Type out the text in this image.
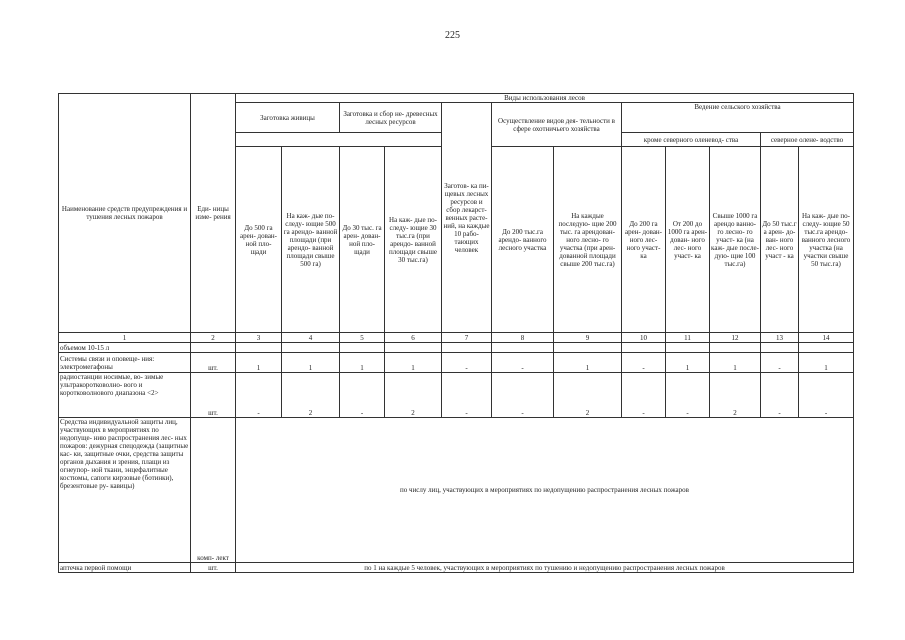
225
Наименование средств предупреждения и тушения лесных пожаров	Еди- ницы изме- рения	Виды использования лесов											
		Заготовка живицы		Заготовка и сбор не- древесных лесных ресурсов		Заготов- ка пи- щевых лесных ресурсов и сбор лекарст- венных расте- ний, на каждые 10 рабо- тающих человек	Осуществление видов дея- тельности в сфере охотничьего хозяйства		Ведение сельского хозяйства				
									кроме северного оленевод- ства			северное олене- водство	
		До 500 га арен- дован- ной пло- щади	На каж- дые по- следу- ющие 500 га арендо- ванной площади (при арендо- ванной площади свыше 500 га)	До 30 тыс. га арен- дован- ной пло- щади	На каж- дые по- следу- ющие 30 тыс.га (при арендо- ванной площади свыше 30 тыс.га)		До 200 тыс.га арендо- ванного лесного участка	На каждые последую- щие 200 тыс. га арендован- ного лесно- го участка (при арен- дованной площади свыше 200 тыс.га)	До 200 га арен- дован- ного лес- ного участ- ка	От 200 до 1000 га арен- дован- ного лес- ного участ- ка	Свыше 1000 га арендо ванно- го лесно- го участ- ка (на каж- дые после- дую- щие 100 тыс.га)	До 50 тыс.г а арен- до- ван- ного лес- ного участ - ка	На каж- дые по- следу- ющие 50 тыс.га арендо- ванного лесного участка (на участки свыше 50 тыс.га)
1	2	3	4	5	6	7	8	9	10	11	12	13	14
объемом 10-15 л													
Системы связи и оповеще- ния: электромегафоны	шт.	1	1	1	1	-	-	1	-	1	1	-	1
радиостанции носимые, во- зимые ультракоротковолно- вого и коротковолнового диапазона <2>	шт.	-	2	-	2	-	-	2	-	-	2	-	-
Средства индивидуальной защиты лиц, участвующих в мероприятиях по недопуще- нию распространения лес- ных пожаров: дежурная спецодежда (защитные кас- ки, защитные очки, средства защиты органов дыхания и зрения, плащи из огнеупор- ной ткани, энцефалитные костюмы, сапоги кирзовые (ботинки), брезентовые ру- кавицы)	комп- лект	по числу лиц, участвующих в мероприятиях по недопущению распространения лесных пожаров											
аптечка первой помощи	шт.	по 1 на каждые 5 человек, участвующих в мероприятиях по тушению и недопущению распространения лесных пожаров											
